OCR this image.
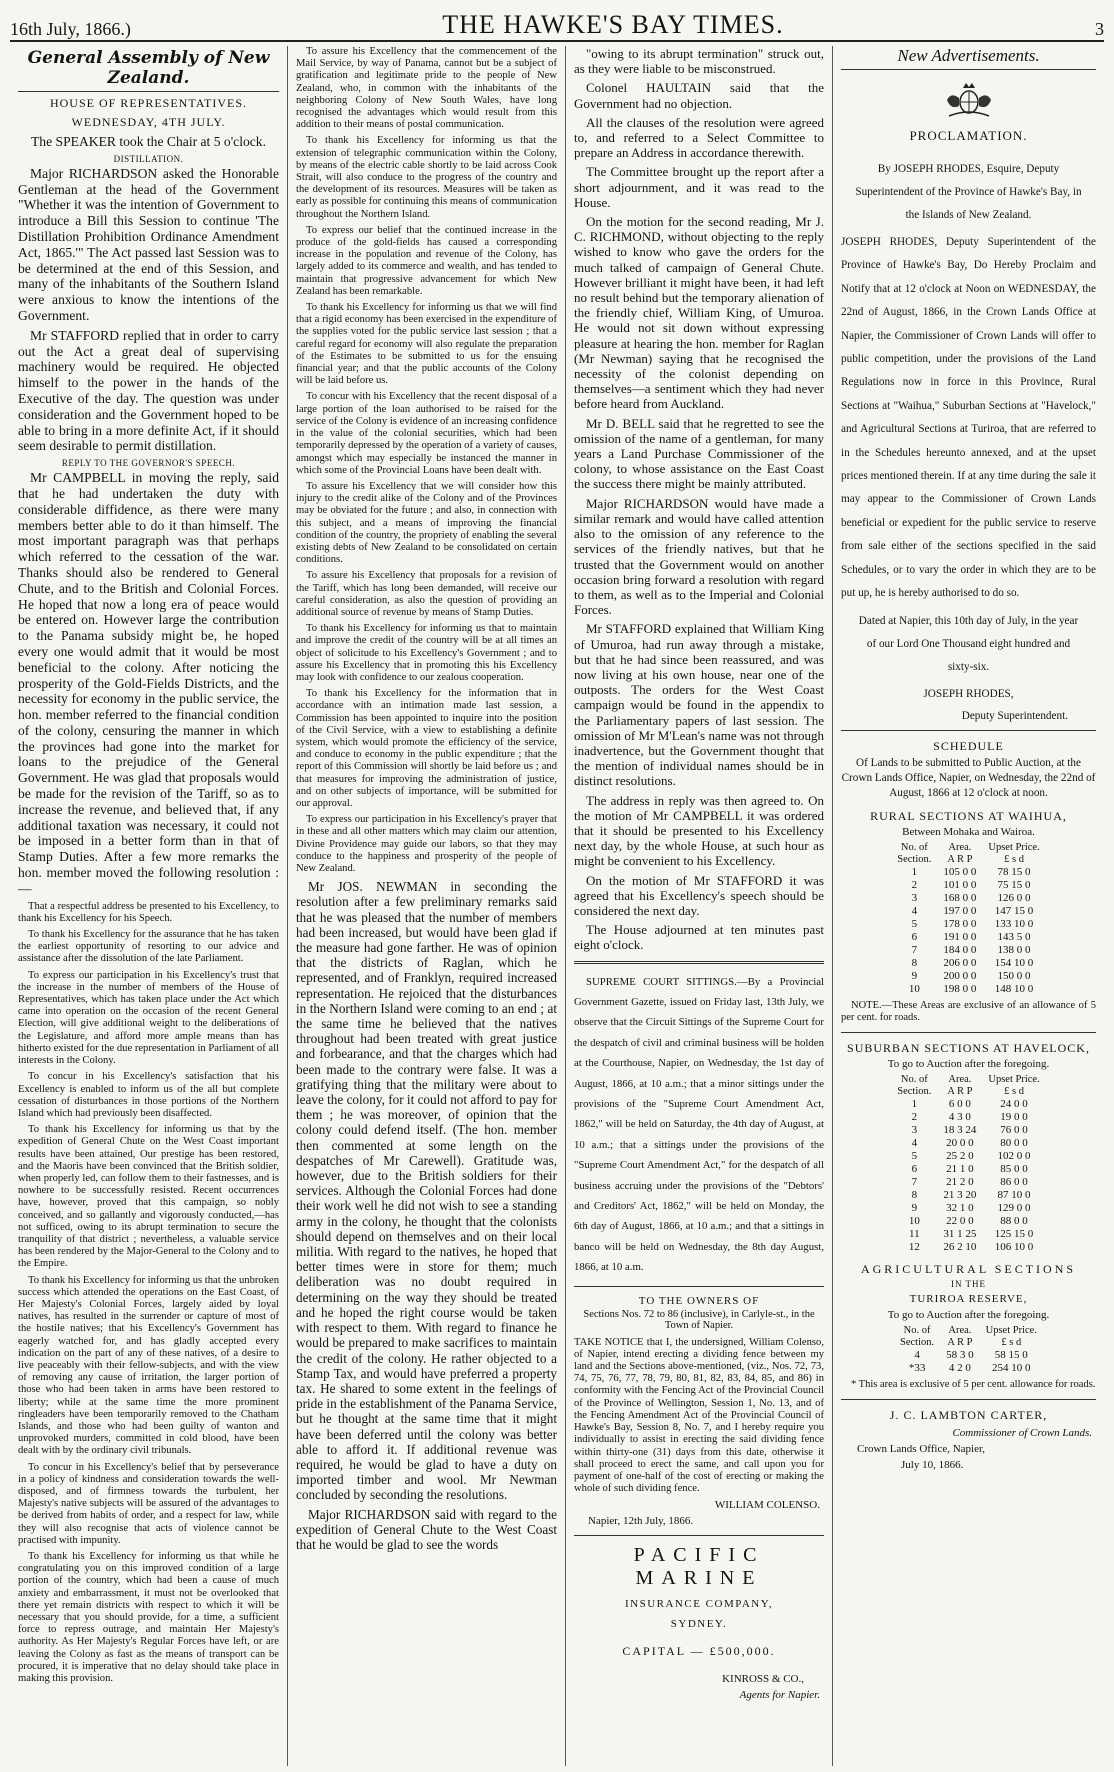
16th July, 1866.)	THE HAWKE'S BAY TIMES.	3
General Assembly of New Zealand.
HOUSE OF REPRESENTATIVES.
WEDNESDAY, 4TH JULY.

The SPEAKER took the Chair at 5 o'clock.

DISTILLATION.

Major RICHARDSON asked the Honorable Gentleman at the head of the Government "Whether it was the intention of Government to introduce a Bill this Session to continue 'The Distillation Prohibition Ordinance Amendment Act, 1865.'" The Act passed last Session was to be determined at the end of this Session, and many of the inhabitants of the Southern Island were anxious to know the intentions of the Government.

Mr STAFFORD replied that in order to carry out the Act a great deal of supervising machinery would be required. He objected himself to the power in the hands of the Executive of the day. The question was under consideration and the Government hoped to be able to bring in a more definite Act, if it should seem desirable to permit distillation.

REPLY TO THE GOVERNOR'S SPEECH.

Mr CAMPBELL in moving the reply, said that he had undertaken the duty with considerable diffidence, as there were many members better able to do it than himself. The most important paragraph was that perhaps which referred to the cessation of the war. Thanks should also be rendered to General Chute, and to the British and Colonial Forces. He hoped that now a long era of peace would be entered on. However large the contribution to the Panama subsidy might be, he hoped every one would admit that it would be most beneficial to the colony. After noticing the prosperity of the Gold-Fields Districts, and the necessity for economy in the public service, the hon. member referred to the financial condition of the colony, censuring the manner in which the provinces had gone into the market for loans to the prejudice of the General Government. He was glad that proposals would be made for the revision of the Tariff, so as to increase the revenue, and believed that, if any additional taxation was necessary, it could not be imposed in a better form than in that of Stamp Duties. After a few more remarks the hon. member moved the following resolution :—

That a respectful address be presented to his Excellency, to thank his Excellency for his Speech.

To thank his Excellency for the assurance that he has taken the earliest opportunity of resorting to our advice and assistance after the dissolution of the late Parliament.

To express our participation in his Excellency's trust that the increase in the number of members of the House of Representatives, which has taken place under the Act which came into operation on the occasion of the recent General Election, will give additional weight to the deliberations of the Legislature, and afford more ample means than has hitherto existed for the due representation in Parliament of all interests in the Colony.

To concur in his Excellency's satisfaction that his Excellency is enabled to inform us of the all but complete cessation of disturbances in those portions of the Northern Island which had previously been disaffected.

To thank his Excellency for informing us that by the expedition of General Chute on the West Coast important results have been attained, Our prestige has been restored, and the Maoris have been convinced that the British soldier, when properly led, can follow them to their fastnesses, and is nowhere to be successfully resisted. Recent occurrences have, however, proved that this campaign, so nobly conceived, and so gallantly and vigorously conducted,—has not sufficed, owing to its abrupt termination to secure the tranquility of that district ; nevertheless, a valuable service has been rendered by the Major-General to the Colony and to the Empire.

To thank his Excellency for informing us that the unbroken success which attended the operations on the East Coast, of Her Majesty's Colonial Forces, largely aided by loyal natives, has resulted in the surrender or capture of most of the hostile natives; that his Excellency's Government has eagerly watched for, and has gladly accepted every indication on the part of any of these natives, of a desire to live peaceably with their fellow-subjects, and with the view of removing any cause of irritation, the larger portion of those who had been taken in arms have been restored to liberty; while at the same time the more prominent ringleaders have been temporarily removed to the Chatham Islands, and those who had been guilty of wanton and unprovoked murders, committed in cold blood, have been dealt with by the ordinary civil tribunals.

To concur in his Excellency's belief that by perseverance in a policy of kindness and consideration towards the well-disposed, and of firmness towards the turbulent, her Majesty's native subjects will be assured of the advantages to be derived from habits of order, and a respect for law, while they will also recognise that acts of violence cannot be practised with impunity.

To thank his Excellency for informing us that while he congratulating you on this improved condition of a large portion of the country, which had been a cause of much anxiety and embarrassment, it must not be overlooked that there yet remain districts with respect to which it will be necessary that you should provide, for a time, a sufficient force to repress outrage, and maintain Her Majesty's authority. As Her Majesty's Regular Forces have left, or are leaving the Colony as fast as the means of transport can be procured, it is imperative that no delay should take place in making this provision.

To assure his Excellency that the commencement of the Mail Service, by way of Panama, cannot but be a subject of gratification and legitimate pride to the people of New Zealand, who, in common with the inhabitants of the neighboring Colony of New South Wales, have long recognised the advantages which would result from this addition to their means of postal communication.

To thank his Excellency for informing us that the extension of telegraphic communication within the Colony, by means of the electric cable shortly to be laid across Cook Strait, will also conduce to the progress of the country and the development of its resources. Measures will be taken as early as possible for continuing this means of communication throughout the Northern Island.

To express our belief that the continued increase in the produce of the gold-fields has caused a corresponding increase in the population and revenue of the Colony, has largely added to its commerce and wealth, and has tended to maintain that progressive advancement for which New Zealand has been remarkable.

To thank his Excellency for informing us that we will find that a rigid economy has been exercised in the expenditure of the supplies voted for the public service last session ; that a careful regard for economy will also regulate the preparation of the Estimates to be submitted to us for the ensuing financial year; and that the public accounts of the Colony will be laid before us.

To concur with his Excellency that the recent disposal of a large portion of the loan authorised to be raised for the service of the Colony is evidence of an increasing confidence in the value of the colonial securities, which had been temporarily depressed by the operation of a variety of causes, amongst which may especially be instanced the manner in which some of the Provincial Loans have been dealt with.

To assure his Excellency that we will consider how this injury to the credit alike of the Colony and of the Provinces may be obviated for the future ; and also, in connection with this subject, and a means of improving the financial condition of the country, the propriety of enabling the several existing debts of New Zealand to be consolidated on certain conditions.

To assure his Excellency that proposals for a revision of the Tariff, which has long been demanded, will receive our careful consideration, as also the question of providing an additional source of revenue by means of Stamp Duties.

To thank his Excellency for informing us that to maintain and improve the credit of the country will be at all times an object of solicitude to his Excellency's Government ; and to assure his Excellency that in promoting this his Excellency may look with confidence to our zealous cooperation.

To thank his Excellency for the information that in accordance with an intimation made last session, a Commission has been appointed to inquire into the position of the Civil Service, with a view to establishing a definite system, which would promote the efficiency of the service, and conduce to economy in the public expenditure ; that the report of this Commission will shortly be laid before us ; and that measures for improving the administration of justice, and on other subjects of importance, will be submitted for our approval.

To express our participation in his Excellency's prayer that in these and all other matters which may claim our attention, Divine Providence may guide our labors, so that they may conduce to the happiness and prosperity of the people of New Zealand.

Mr JOS. NEWMAN in seconding the resolution after a few preliminary remarks said that he was pleased that the number of members had been increased, but would have been glad if the measure had gone farther. He was of opinion that the districts of Raglan, which he represented, and of Franklyn, required increased representation. He rejoiced that the disturbances in the Northern Island were coming to an end ; at the same time he believed that the natives throughout had been treated with great justice and forbearance, and that the charges which had been made to the contrary were false. It was a gratifying thing that the military were about to leave the colony, for it could not afford to pay for them ; he was moreover, of opinion that the colony could defend itself. (The hon. member then commented at some length on the despatches of Mr Carewell). Gratitude was, however, due to the British soldiers for their services. Although the Colonial Forces had done their work well he did not wish to see a standing army in the colony, he thought that the colonists should depend on themselves and on their local militia. With regard to the natives, he hoped that better times were in store for them; much deliberation was no doubt required in determining on the way they should be treated and he hoped the right course would be taken with respect to them. With regard to finance he would be prepared to make sacrifices to maintain the credit of the colony. He rather objected to a Stamp Tax, and would have preferred a property tax. He shared to some extent in the feelings of pride in the establishment of the Panama Service, but he thought at the same time that it might have been deferred until the colony was better able to afford it. If additional revenue was required, he would be glad to have a duty on imported timber and wool. Mr Newman concluded by seconding the resolutions.

Major RICHARDSON said with regard to the expedition of General Chute to the West Coast that he would be glad to see the words

"owing to its abrupt termination" struck out, as they were liable to be misconstrued.

Colonel HAULTAIN said that the Government had no objection.

All the clauses of the resolution were agreed to, and referred to a Select Committee to prepare an Address in accordance therewith.

The Committee brought up the report after a short adjournment, and it was read to the House.

On the motion for the second reading, Mr J. C. RICHMOND, without objecting to the reply wished to know who gave the orders for the much talked of campaign of General Chute. However brilliant it might have been, it had left no result behind but the temporary alienation of the friendly chief, William King, of Umuroa. He would not sit down without expressing pleasure at hearing the hon. member for Raglan (Mr Newman) saying that he recognised the necessity of the colonist depending on themselves—a sentiment which they had never before heard from Auckland.

Mr D. BELL said that he regretted to see the omission of the name of a gentleman, for many years a Land Purchase Commissioner of the colony, to whose assistance on the East Coast the success there might be mainly attributed.

Major RICHARDSON would have made a similar remark and would have called attention also to the omission of any reference to the services of the friendly natives, but that he trusted that the Government would on another occasion bring forward a resolution with regard to them, as well as to the Imperial and Colonial Forces.

Mr STAFFORD explained that William King of Umuroa, had run away through a mistake, but that he had since been reassured, and was now living at his own house, near one of the outposts. The orders for the West Coast campaign would be found in the appendix to the Parliamentary papers of last session. The omission of Mr M'Lean's name was not through inadvertence, but the Government thought that the mention of individual names should be in distinct resolutions.

The address in reply was then agreed to. On the motion of Mr CAMPBELL it was ordered that it should be presented to his Excellency next day, by the whole House, at such hour as might be convenient to his Excellency.

On the motion of Mr STAFFORD it was agreed that his Excellency's speech should be considered the next day.

The House adjourned at ten minutes past eight o'clock.

SUPREME COURT SITTINGS.—By a Provincial Government Gazette, issued on Friday last, 13th July, we observe that the Circuit Sittings of the Supreme Court for the despatch of civil and criminal business will be holden at the Courthouse, Napier, on Wednesday, the 1st day of August, 1866, at 10 a.m.; that a minor sittings under the provisions of the "Supreme Court Amendment Act, 1862," will be held on Saturday, the 4th day of August, at 10 a.m.; that a sittings under the provisions of the "Supreme Court Amendment Act," for the despatch of all business accruing under the provisions of the "Debtors' and Creditors' Act, 1862," will be held on Monday, the 6th day of August, 1866, at 10 a.m.; and that a sittings in banco will be held on Wednesday, the 8th day August, 1866, at 10 a.m.

TO THE OWNERS OF
Sections Nos. 72 to 86 (inclusive), in Carlyle-st., in the Town of Napier.

TAKE NOTICE that I, the undersigned, William Colenso, of Napier, intend erecting a dividing fence between my land and the Sections above-mentioned, (viz., Nos. 72, 73, 74, 75, 76, 77, 78, 79, 80, 81, 82, 83, 84, 85, and 86) in conformity with the Fencing Act of the Provincial Council of the Province of Wellington, Session 1, No. 13, and of the Fencing Amendment Act of the Provincial Council of Hawke's Bay, Session 8, No. 7, and I hereby require you individually to assist in erecting the said dividing fence within thirty-one (31) days from this date, otherwise it shall proceed to erect the same, and call upon you for payment of one-half of the cost of erecting or making the whole of such dividing fence.

WILLIAM COLENSO.
Napier, 12th July, 1866.
PACIFIC MARINE
INSURANCE COMPANY,
SYDNEY.
CAPITAL — £500,000.
KINROSS & CO.,
Agents for Napier.
New Advertisements.
PROCLAMATION.

By JOSEPH RHODES, Esquire, Deputy Superintendent of the Province of Hawke's Bay, in the Islands of New Zealand.

JOSEPH RHODES, Deputy Superintendent of the Province of Hawke's Bay, Do Hereby Proclaim and Notify that at 12 o'clock at Noon on WEDNESDAY, the 22nd of August, 1866, in the Crown Lands Office at Napier, the Commissioner of Crown Lands will offer to public competition, under the provisions of the Land Regulations now in force in this Province, Rural Sections at "Waihua," Suburban Sections at "Havelock," and Agricultural Sections at Turiroa, that are referred to in the Schedules hereunto annexed, and at the upset prices mentioned therein. If at any time during the sale it may appear to the Commissioner of Crown Lands beneficial or expedient for the public service to reserve from sale either of the sections specified in the said Schedules, or to vary the order in which they are to be put up, he is hereby authorised to do so.

Dated at Napier, this 10th day of July, in the year of our Lord One Thousand eight hundred and sixty-six.

JOSEPH RHODES,
Deputy Superintendent.
SCHEDULE

Of Lands to be submitted to Public Auction, at the Crown Lands Office, Napier, on Wednesday, the 22nd of August, 1866 at 12 o'clock at noon.

RURAL SECTIONS AT WAIHUA,
Between Mohaka and Wairoa.
No. of	Area.	Upset Price.
Section.	A R P	£ s d
1	105 0 0	78 15 0
2	101 0 0	75 15 0
3	168 0 0	126 0 0
4	197 0 0	147 15 0
5	178 0 0	133 10 0
6	191 0 0	143 5 0
7	184 0 0	138 0 0
8	206 0 0	154 10 0
9	200 0 0	150 0 0
10	198 0 0	148 10 0

NOTE.—These Areas are exclusive of an allowance of 5 per cent. for roads.

SUBURBAN SECTIONS AT HAVELOCK,
To go to Auction after the foregoing.
No. of	Area.	Upset Price.
Section.	A R P	£ s d
1	6 0 0	24 0 0
2	4 3 0	19 0 0
3	18 3 24	76 0 0
4	20 0 0	80 0 0
5	25 2 0	102 0 0
6	21 1 0	85 0 0
7	21 2 0	86 0 0
8	21 3 20	87 10 0
9	32 1 0	129 0 0
10	22 0 0	88 0 0
11	31 1 25	125 15 0
12	26 2 10	106 10 0
AGRICULTURAL SECTIONS
IN THE
TURIROA RESERVE,
To go to Auction after the foregoing.
No. of	Area.	Upset Price.
Section.	A R P	£ s d
4	58 3 0	58 15 0
*33	4 2 0	254 10 0

* This area is exclusive of 5 per cent. allowance for roads.

J. C. LAMBTON CARTER,
Commissioner of Crown Lands.
Crown Lands Office, Napier,
July 10, 1866.
